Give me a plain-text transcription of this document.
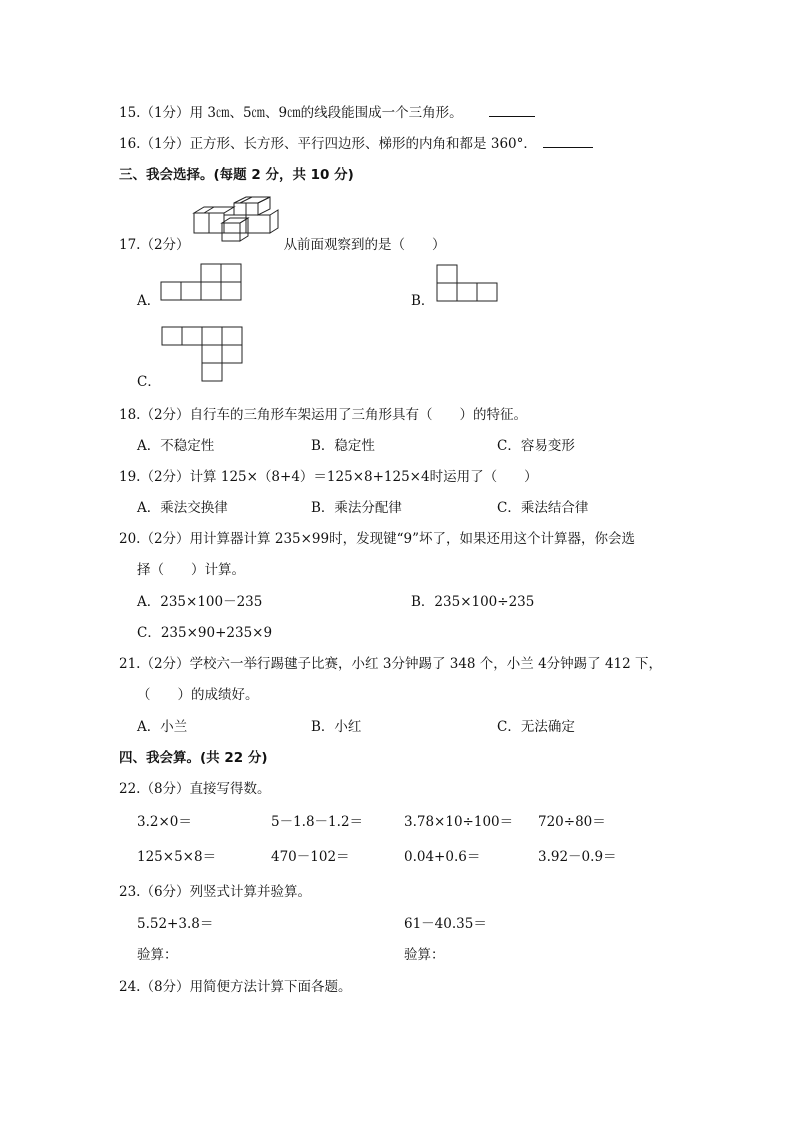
15.（1分）用 3㎝、5㎝、9㎝的线段能围成一个三角形。
16.（1分）正方形、长方形、平行四边形、梯形的内角和都是 360°．
三、我会选择。(每题 2 分，共 10 分)
17.（2分）	从前面观察到的是（　　）
A．	B．
C．
18.（2分）自行车的三角形车架运用了三角形具有（　　）的特征。
A．不稳定性	B．稳定性	C．容易变形
19.（2分）计算 125×（8+4）＝125×8+125×4时运用了（　　）
A．乘法交换律	B．乘法分配律	C．乘法结合律
20.（2分）用计算器计算 235×99时，发现键“9”坏了，如果还用这个计算器，你会选
择（　　）计算。
A．235×100－235	B．235×100÷235
C．235×90+235×9
21.（2分）学校六一举行踢毽子比赛，小红 3分钟踢了 348 个，小兰 4分钟踢了 412 下，
（　　）的成绩好。
A．小兰	B．小红	C．无法确定
四、我会算。(共 22 分)
22.（8分）直接写得数。
3.2×0＝	5－1.8－1.2＝	3.78×10÷100＝ 720÷80＝
125×5×8＝	470－102＝	0.04+0.6＝	3.92－0.9＝
23.（6分）列竖式计算并验算。
5.52+3.8＝	61－40.35＝
验算：	验算：
24.（8分）用简便方法计算下面各题。
